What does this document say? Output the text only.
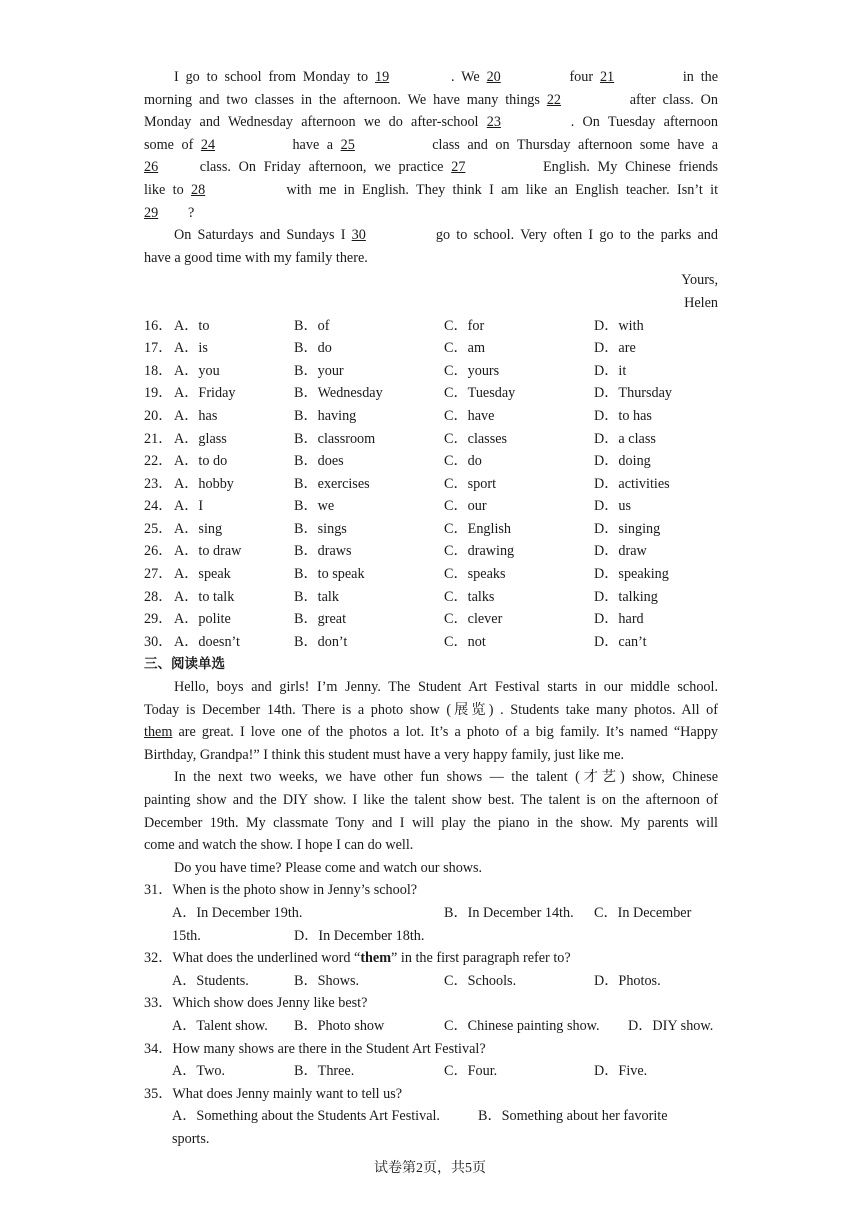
I go to school from Monday to 19	. We 20	four 21	in the
morning and two classes in the afternoon. We have many things 22	after class. On
Monday and Wednesday afternoon we do after-school 23	. On Tuesday afternoon
some of 24	have a 25	class and on Thursday afternoon some have a
26	class. On Friday afternoon, we practice 27	English. My Chinese friends
like to 28	with me in English. They think I am like an English teacher. Isn’t it
29 ?
On Saturdays and Sundays I 30	go to school. Very often I go to the parks and
have a good time with my family there.
Yours,
Helen
16． A．to	B．of	C．for	D．with
17． A．is	B．do	C．am	D．are
18． A．you	B．your	C．yours	D．it
19． A．Friday	B．Wednesday	C．Tuesday	D．Thursday
20． A．has	B．having	C．have	D．to has
21． A．glass	B．classroom	C．classes	D．a class
22． A．to do	B．does	C．do	D．doing
23． A．hobby	B．exercises	C．sport	D．activities
24． A．I	B．we	C．our	D．us
25． A．sing	B．sings	C．English	D．singing
26． A．to draw	B．draws	C．drawing	D．draw
27． A．speak	B．to speak	C．speaks	D．speaking
28． A．to talk	B．talk	C．talks	D．talking
29． A．polite	B．great	C．clever	D．hard
30． A．doesn’t	B．don’t	C．not	D．can’t
三、阅读单选
Hello, boys and girls! I’m Jenny. The Student Art Festival starts in our middle school.
Today is December 14th. There is a photo show (展览) . Students take many photos. All of
them are great. I love one of the photos a lot. It’s a photo of a big family. It’s named “Happy
Birthday, Grandpa!” I think this student must have a very happy family, just like me.
In the next two weeks, we have other fun shows — the talent (才艺) show, Chinese
painting show and the DIY show. I like the talent show best. The talent is on the afternoon of
December 19th. My classmate Tony and I will play the piano in the show. My parents will
come and watch the show. I hope I can do well.
Do you have time? Please come and watch our shows.
31．When is the photo show in Jenny’s school?
A．In December 19th.	B．In December 14th. C．In December
15th.	D．In December 18th.
32．What does the underlined word “them” in the first paragraph refer to?
A．Students.	B．Shows.	C．Schools.	D．Photos.
33．Which show does Jenny like best?
A．Talent show.	B．Photo show	C．Chinese painting show.	D．DIY show.
34．How many shows are there in the Student Art Festival?
A．Two.	B．Three.	C．Four.	D．Five.
35．What does Jenny mainly want to tell us?
A．Something about the Students Art Festival.	B．Something about her favorite
sports.
试卷第2页，共5页
